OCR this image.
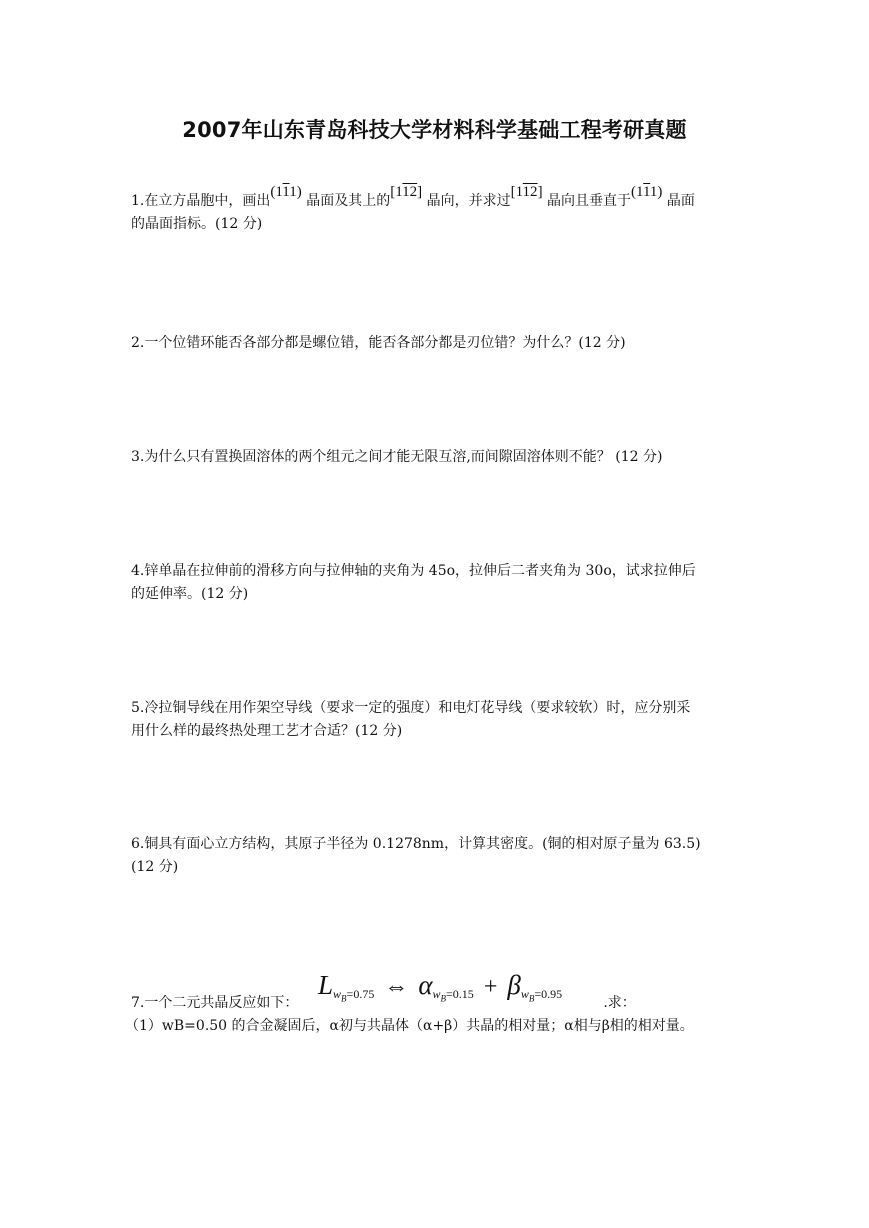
2007年山东青岛科技大学材料科学基础工程考研真题
1.在立方晶胞中，画出(111) 晶面及其上的[112] 晶向，并求过[112] 晶向且垂直于(111) 晶面
的晶面指标。(12 分)
2.一个位错环能否各部分都是螺位错，能否各部分都是刃位错？为什么？(12 分)
3.为什么只有置换固溶体的两个组元之间才能无限互溶,而间隙固溶体则不能？ (12 分)
4.锌单晶在拉伸前的滑移方向与拉伸轴的夹角为 45o，拉伸后二者夹角为 30o，试求拉伸后
的延伸率。(12 分)
5.冷拉铜导线在用作架空导线（要求一定的强度）和电灯花导线（要求较软）时，应分别采
用什么样的最终热处理工艺才合适？(12 分)
6.铜具有面心立方结构，其原子半径为 0.1278nm，计算其密度。(铜的相对原子量为 63.5)
(12 分)
7.一个二元共晶反应如下：	.求：
（1）wB=0.50 的合金凝固后，α初与共晶体（α+β）共晶的相对量；α相与β相的相对量。
$L_{w_B=0.75}$ ⇔ $\alpha_{w_B=0.15} + \beta_{w_B=0.95}$
